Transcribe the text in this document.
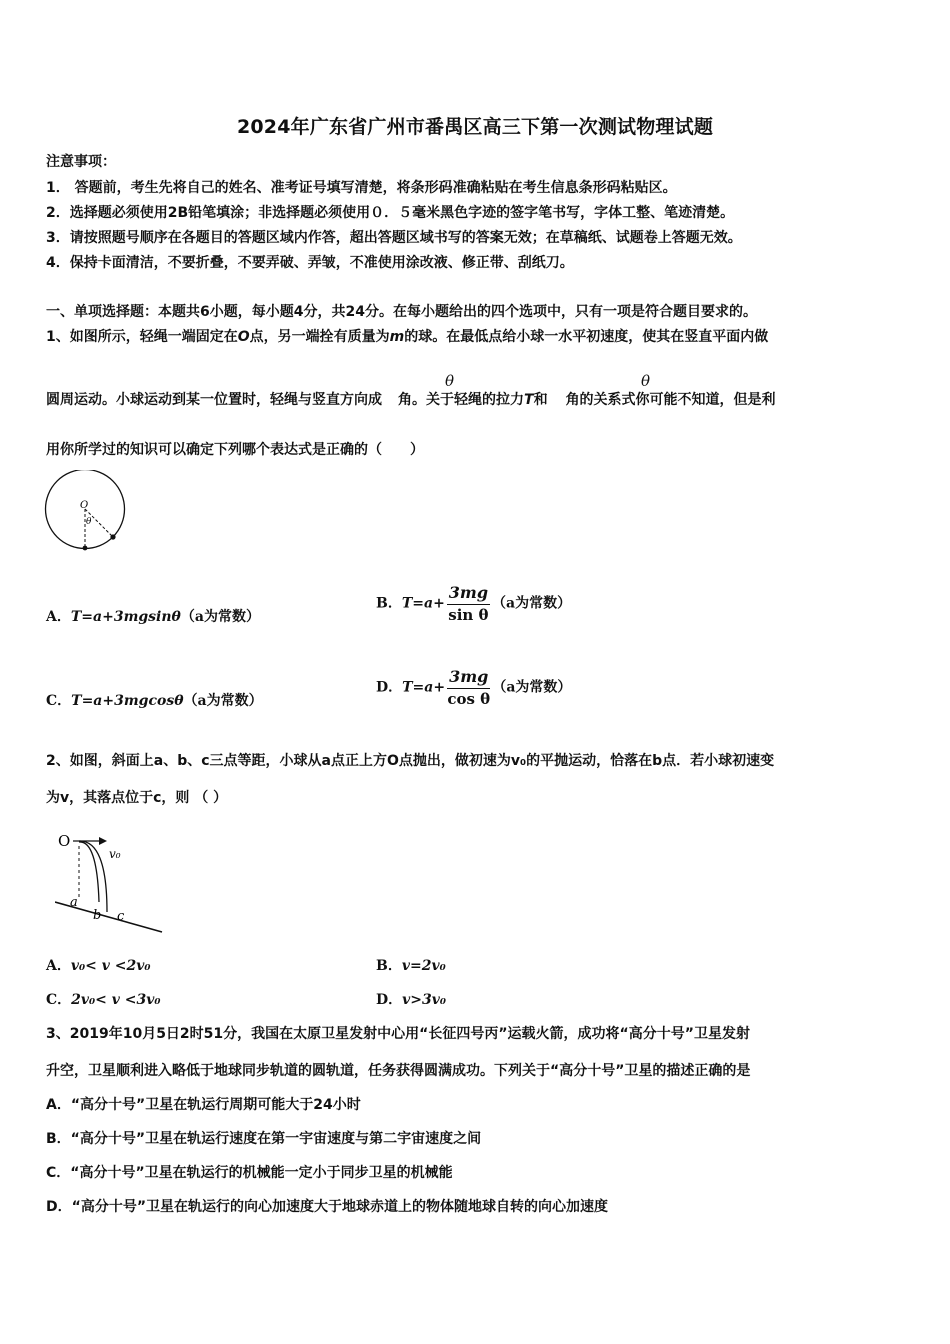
2024年广东省广州市番禺区高三下第一次测试物理试题
注意事项：
1． 答题前，考生先将自己的姓名、准考证号填写清楚，将条形码准确粘贴在考生信息条形码粘贴区。
2．选择题必须使用2B铅笔填涂；非选择题必须使用０．５毫米黑色字迹的签字笔书写，字体工整、笔迹清楚。
3．请按照题号顺序在各题目的答题区域内作答，超出答题区域书写的答案无效；在草稿纸、试题卷上答题无效。
4．保持卡面清洁，不要折叠，不要弄破、弄皱，不准使用涂改液、修正带、刮纸刀。
一、单项选择题：本题共6小题，每小题4分，共24分。在每小题给出的四个选项中，只有一项是符合题目要求的。
1、如图所示，轻绳一端固定在O点，另一端拴有质量为m的球。在最低点给小球一水平初速度，使其在竖直平面内做
圆周运动。小球运动到某一位置时，轻绳与竖直方向成 角。关于轻绳的拉力T和 角的关系式你可能不知道，但是利
θ	θ
用你所学过的知识可以确定下列哪个表达式是正确的（　　）
O
θ
A．T=a+3mgsinθ（a为常数）
B．$T=a+ \frac{3mg}{\text{sin θ}} (a$为常数）
C．T=a+3mgcosθ（a为常数）
D．$T=a+ \frac{3mg}{\text{cos θ}} (a$为常数）
2、如图，斜面上a、b、c三点等距，小球从a点正上方O点抛出，做初速为v₀的平抛运动，恰落在b点．若小球初速变
为v，其落点位于c，则 （ ）
O
v₀
a
b c
A．v₀< v <2v₀	B．v=2v₀
C．2v₀< v <3v₀	D．v>3v₀
3、2019年10月5日2时51分，我国在太原卫星发射中心用“长征四号丙”运载火箭，成功将“高分十号”卫星发射
升空，卫星顺利进入略低于地球同步轨道的圆轨道，任务获得圆满成功。下列关于“高分十号”卫星的描述正确的是
A．“高分十号”卫星在轨运行周期可能大于24小时
B．“高分十号”卫星在轨运行速度在第一宇宙速度与第二宇宙速度之间
C．“高分十号”卫星在轨运行的机械能一定小于同步卫星的机械能
D．“高分十号”卫星在轨运行的向心加速度大于地球赤道上的物体随地球自转的向心加速度
